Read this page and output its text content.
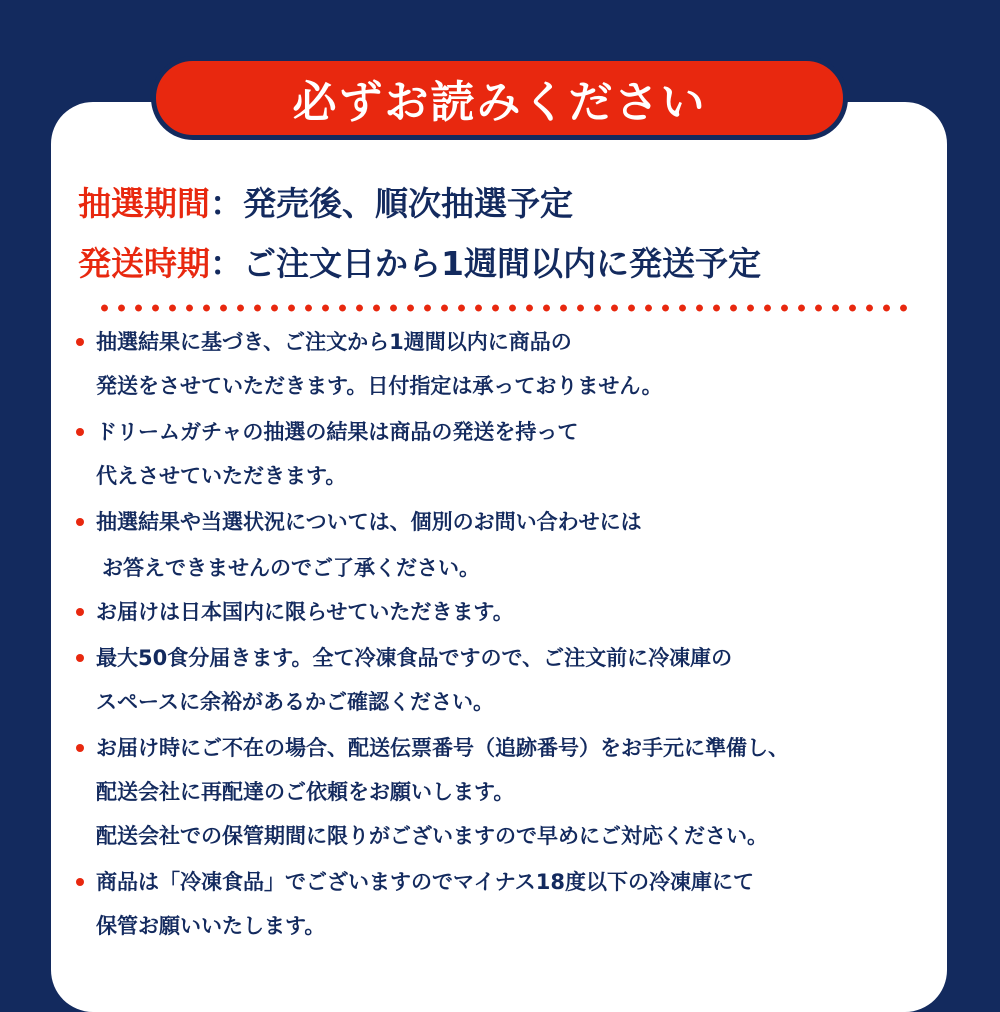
必ずお読みください
抽選期間：発売後、順次抽選予定
発送時期：ご注文日から1週間以内に発送予定
抽選結果に基づき、ご注文から1週間以内に商品の
発送をさせていただきます。日付指定は承っておりません。
ドリームガチャの抽選の結果は商品の発送を持って
代えさせていただきます。
抽選結果や当選状況については、個別のお問い合わせには
お答えできませんのでご了承ください。
お届けは日本国内に限らせていただきます。
最大50食分届きます。全て冷凍食品ですので、ご注文前に冷凍庫の
スペースに余裕があるかご確認ください。
お届け時にご不在の場合、配送伝票番号（追跡番号）をお手元に準備し、
配送会社に再配達のご依頼をお願いします。
配送会社での保管期間に限りがございますので早めにご対応ください。
商品は「冷凍食品」でございますのでマイナス18度以下の冷凍庫にて
保管お願いいたします。
